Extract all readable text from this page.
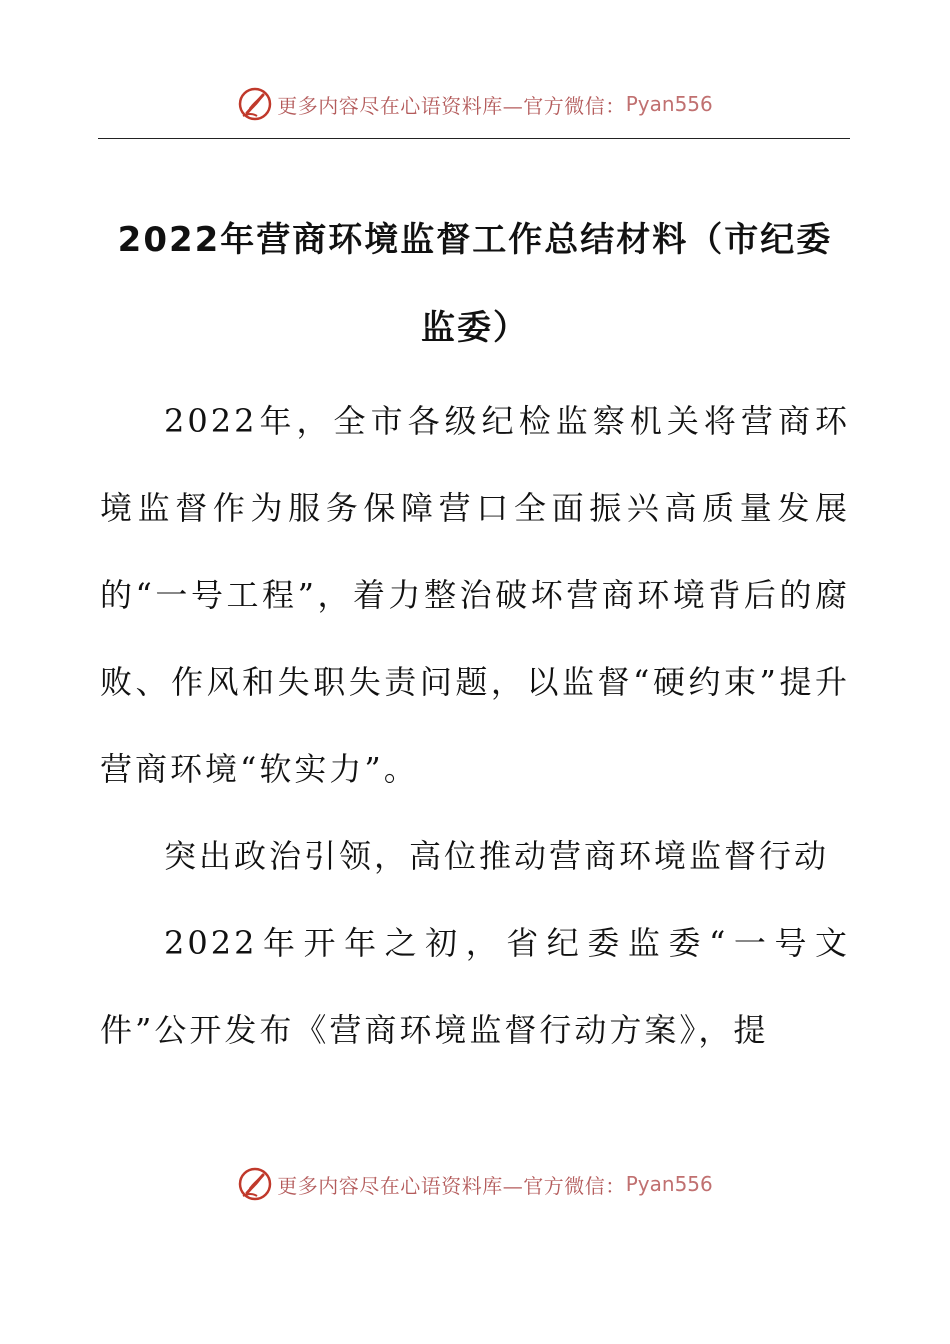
更多内容尽在心语资料库—官方微信： Pyan556
2022年营商环境监督工作总结材料（市纪委监委）

2022年，全市各级纪检监察机关将营商环境监督作为服务保障营口全面振兴高质量发展的“一号工程”，着力整治破坏营商环境背后的腐败、作风和失职失责问题，以监督“硬约束”提升营商环境“软实力”。

突出政治引领，高位推动营商环境监督行动

2022年开年之初，省纪委监委“一号文件”公开发布《营商环境监督行动方案》，提

更多内容尽在心语资料库—官方微信： Pyan556
